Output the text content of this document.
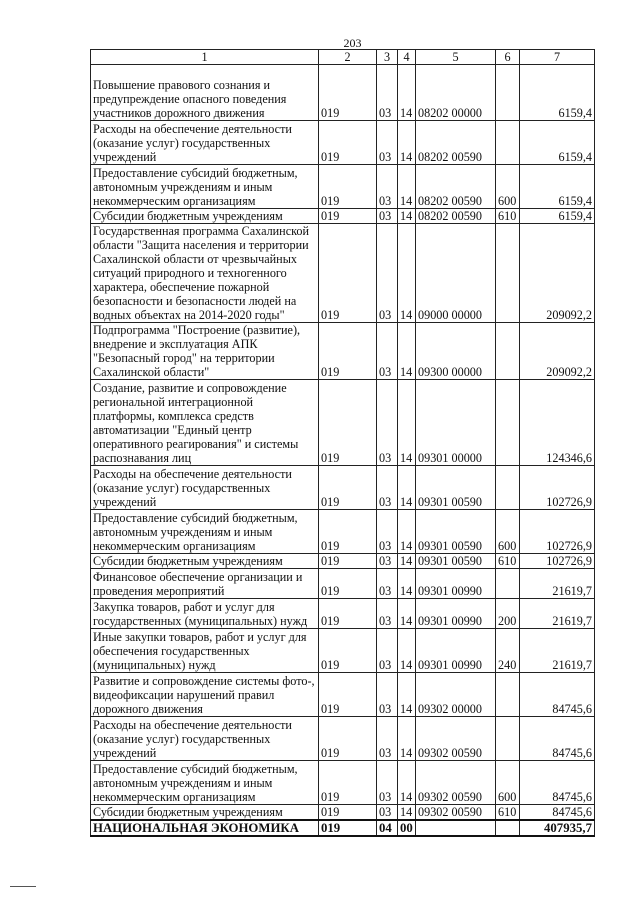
203
1	2	3	4	5	6	7
Повышение правового сознания и предупреждение опасного поведения участников дорожного движения	019	03	14	08202 00000		6159,4
Расходы на обеспечение деятельности (оказание услуг) государственных учреждений	019	03	14	08202 00590		6159,4
Предоставление субсидий бюджетным, автономным учреждениям и иным некоммерческим организациям	019	03	14	08202 00590	600	6159,4
Субсидии бюджетным учреждениям	019	03	14	08202 00590	610	6159,4
Государственная программа Сахалинской области "Защита населения и территории Сахалинской области от чрезвычайных ситуаций природного и техногенного характера, обеспечение пожарной безопасности и безопасности людей на водных объектах на 2014-2020 годы"	019	03	14	09000 00000		209092,2
Подпрограмма "Построение (развитие), внедрение и эксплуатация АПК "Безопасный город" на территории Сахалинской области"	019	03	14	09300 00000		209092,2
Создание, развитие и сопровождение региональной интеграционной платформы, комплекса средств автоматизации "Единый центр оперативного реагирования" и системы распознавания лиц	019	03	14	09301 00000		124346,6
Расходы на обеспечение деятельности (оказание услуг) государственных учреждений	019	03	14	09301 00590		102726,9
Предоставление субсидий бюджетным, автономным учреждениям и иным некоммерческим организациям	019	03	14	09301 00590	600	102726,9
Субсидии бюджетным учреждениям	019	03	14	09301 00590	610	102726,9
Финансовое обеспечение организации и проведения мероприятий	019	03	14	09301 00990		21619,7
Закупка товаров, работ и услуг для государственных (муниципальных) нужд	019	03	14	09301 00990	200	21619,7
Иные закупки товаров, работ и услуг для обеспечения государственных (муниципальных) нужд	019	03	14	09301 00990	240	21619,7
Развитие и сопровождение системы фото-, видеофиксации нарушений правил дорожного движения	019	03	14	09302 00000		84745,6
Расходы на обеспечение деятельности (оказание услуг) государственных учреждений	019	03	14	09302 00590		84745,6
Предоставление субсидий бюджетным, автономным учреждениям и иным некоммерческим организациям	019	03	14	09302 00590	600	84745,6
Субсидии бюджетным учреждениям	019	03	14	09302 00590	610	84745,6
НАЦИОНАЛЬНАЯ ЭКОНОМИКА	019	04	00			407935,7
